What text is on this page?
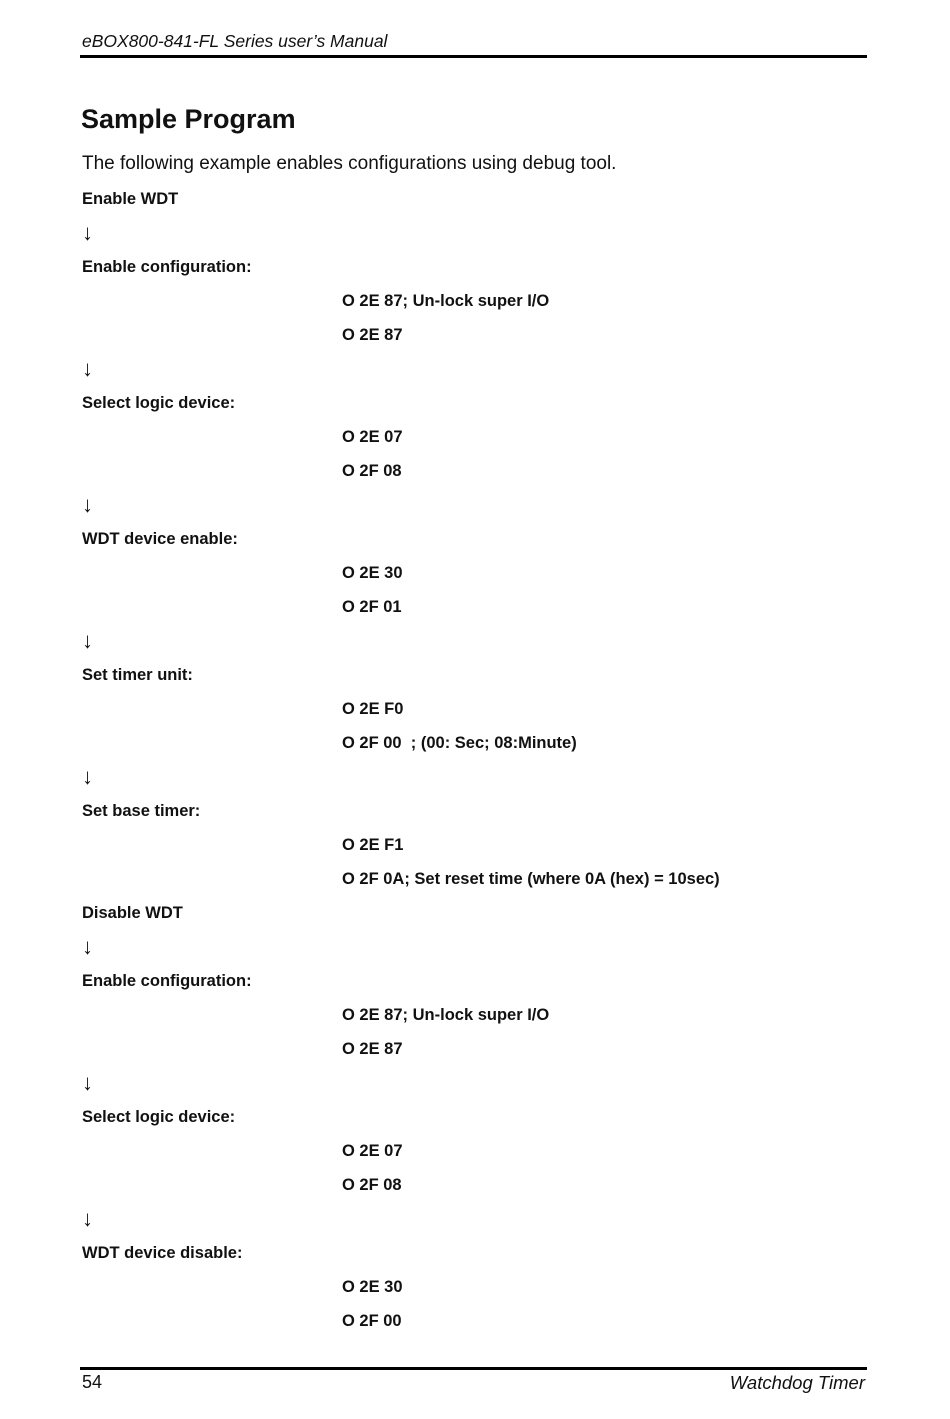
eBOX800-841-FL Series user’s Manual
Sample Program

The following example enables configurations using debug tool.

Enable WDT
↓
Enable configuration:
O 2E 87; Un-lock super I/O
O 2E 87
↓
Select logic device:
O 2E 07
O 2F 08
↓
WDT device enable:
O 2E 30
O 2F 01
↓
Set timer unit:
O 2E F0
O 2F 00  ; (00: Sec; 08:Minute)
↓
Set base timer:
O 2E F1
O 2F 0A; Set reset time (where 0A (hex) = 10sec)
Disable WDT
↓
Enable configuration:
O 2E 87; Un-lock super I/O
O 2E 87
↓
Select logic device:
O 2E 07
O 2F 08
↓
WDT device disable:
O 2E 30
O 2F 00
54	Watchdog Timer
